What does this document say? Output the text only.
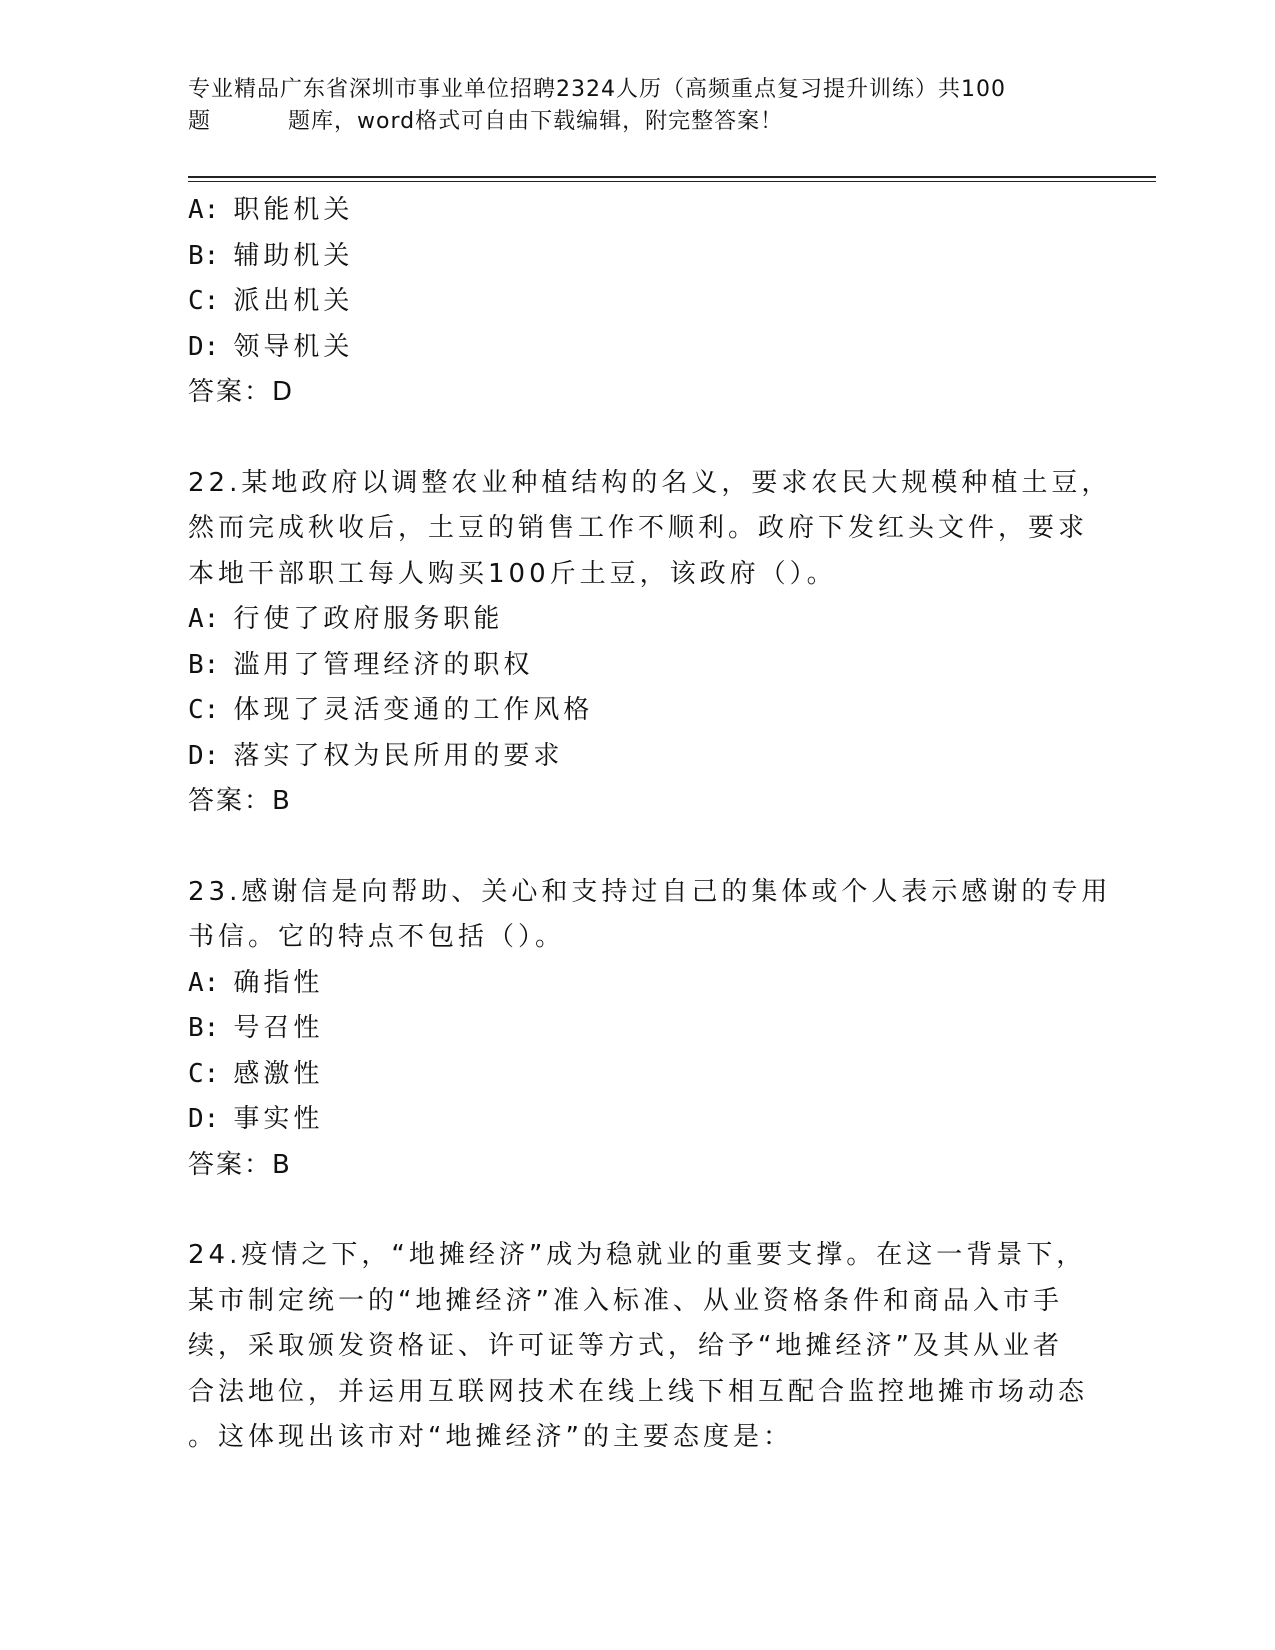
专业精品广东省深圳市事业单位招聘2324人历（高频重点复习提升训练）共100
题	题库，word格式可自由下载编辑，附完整答案！
A: 职能机关
B: 辅助机关
C: 派出机关
D: 领导机关
答案：D
22.某地政府以调整农业种植结构的名义，要求农民大规模种植土豆，
然而完成秋收后，土豆的销售工作不顺利。政府下发红头文件，要求
本地干部职工每人购买100斤土豆，该政府（）。
A: 行使了政府服务职能
B: 滥用了管理经济的职权
C: 体现了灵活变通的工作风格
D: 落实了权为民所用的要求
答案：B
23.感谢信是向帮助、关心和支持过自己的集体或个人表示感谢的专用
书信。它的特点不包括（）。
A: 确指性
B: 号召性
C: 感激性
D: 事实性
答案：B
24.疫情之下，“地摊经济”成为稳就业的重要支撑。在这一背景下，
某市制定统一的“地摊经济”准入标准、从业资格条件和商品入市手
续，采取颁发资格证、许可证等方式，给予“地摊经济”及其从业者
合法地位，并运用互联网技术在线上线下相互配合监控地摊市场动态
。这体现出该市对“地摊经济”的主要态度是：
